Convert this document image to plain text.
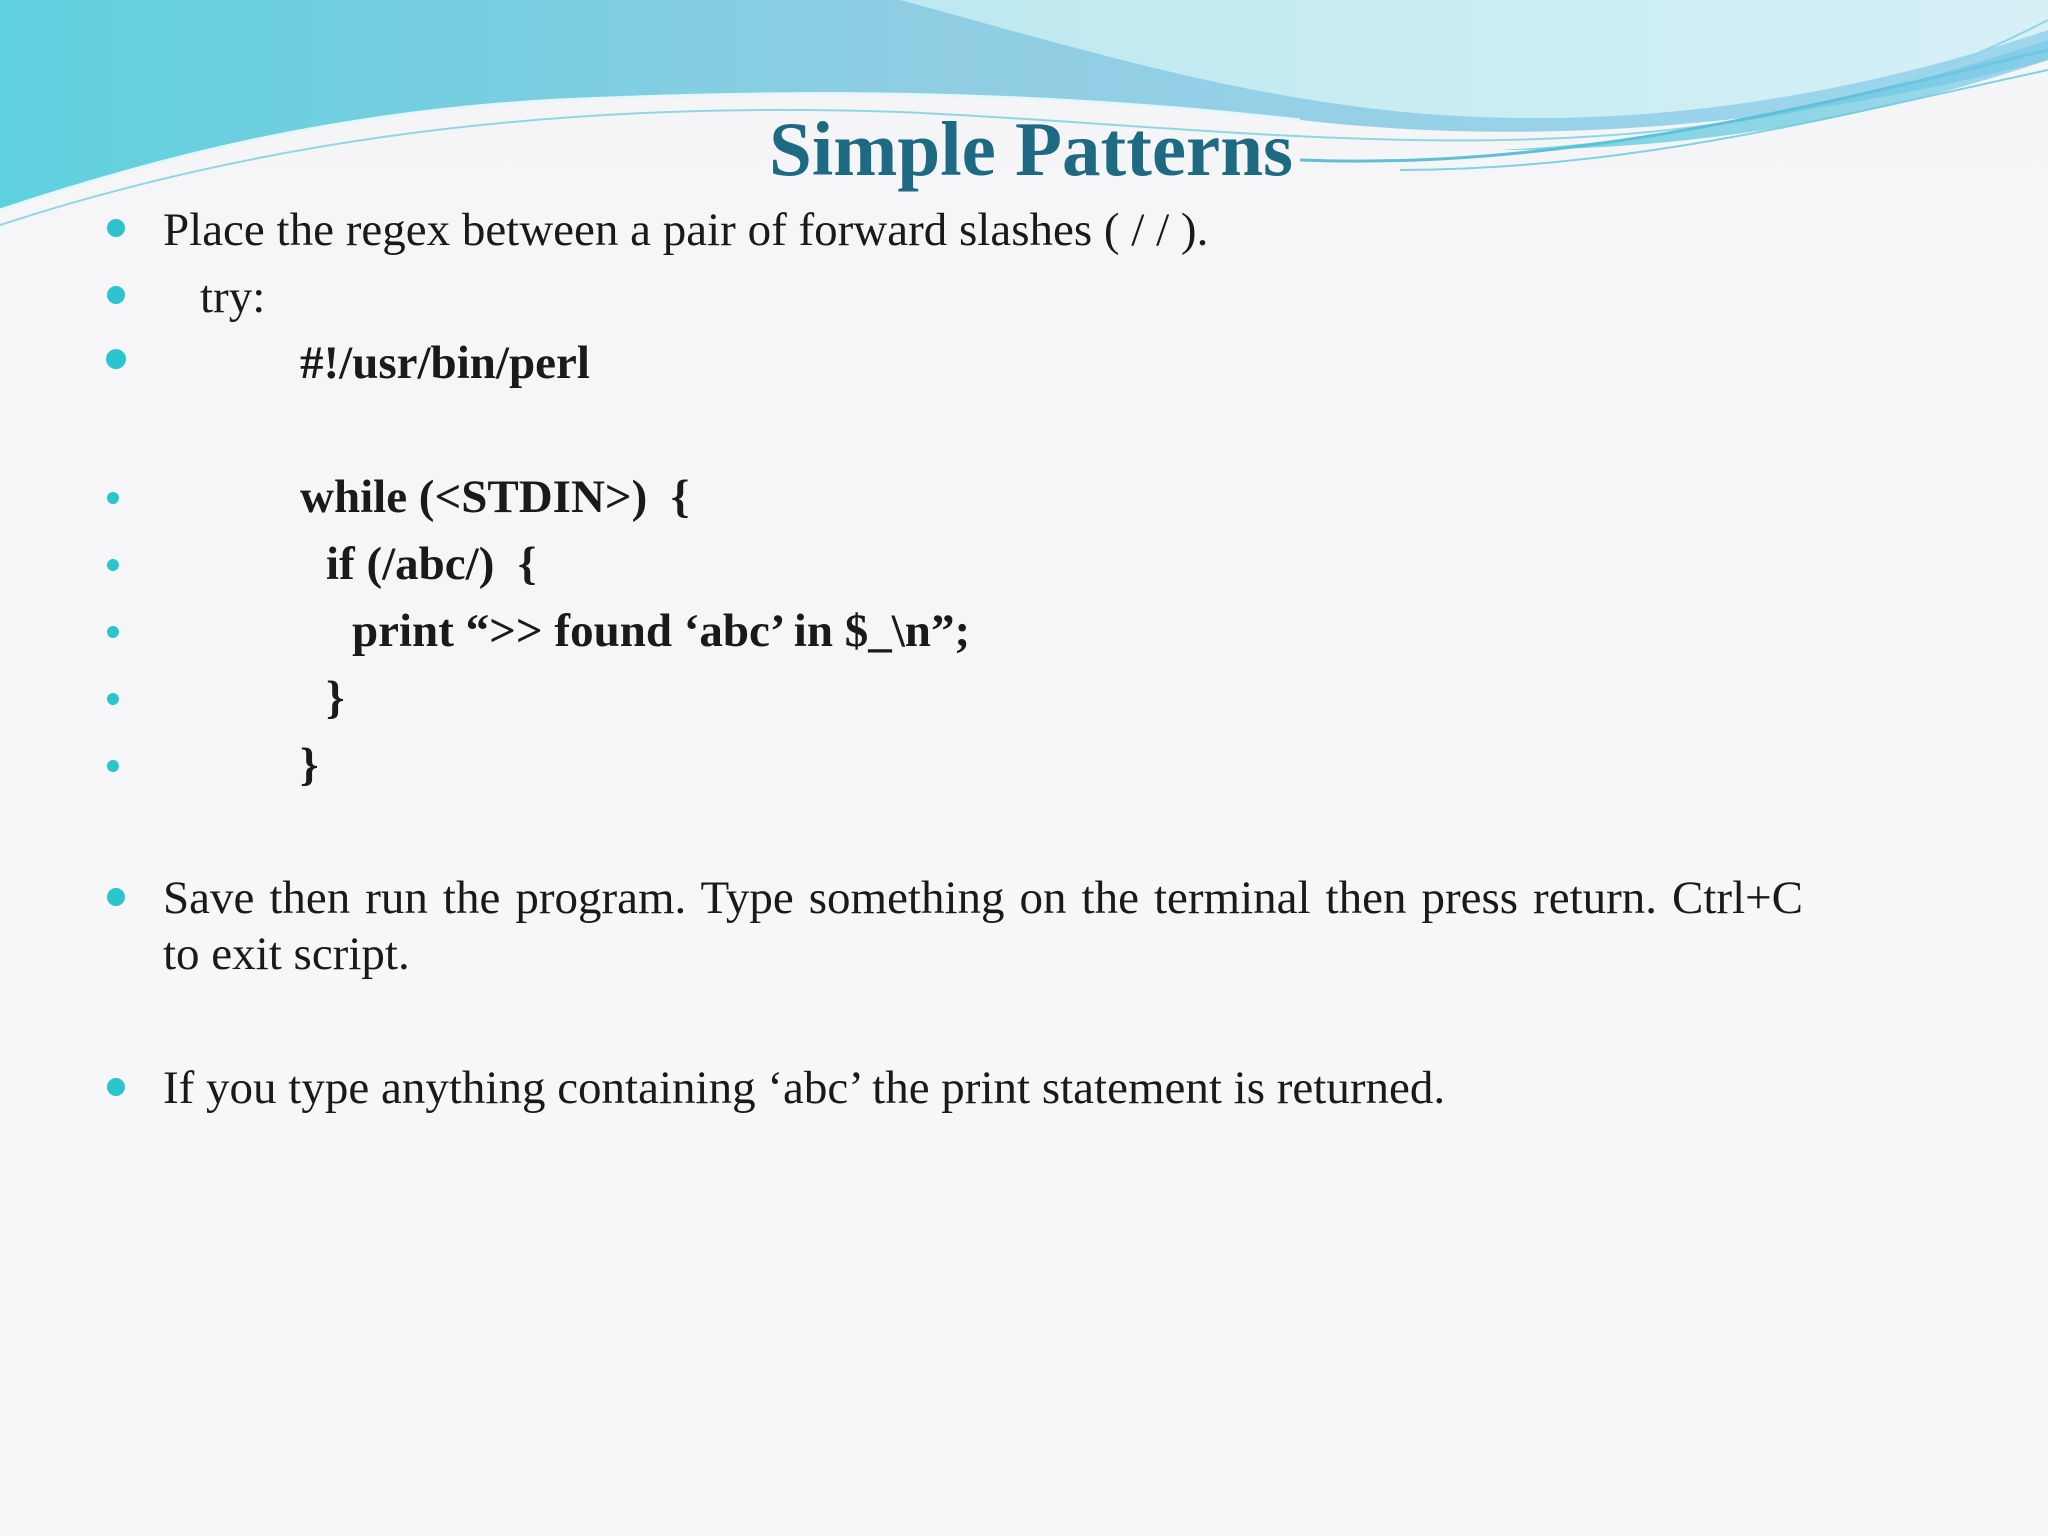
Simple Patterns
Place the regex between a pair of forward slashes ( / / ).
try:
#!/usr/bin/perl
while (<STDIN>)  {
if (/abc/)  {
print “>> found ‘abc’ in $_\n”;
}
}
Save then run the program. Type something on the terminal then press return. Ctrl+C to exit script.
If you type anything containing ‘abc’ the print statement is returned.
